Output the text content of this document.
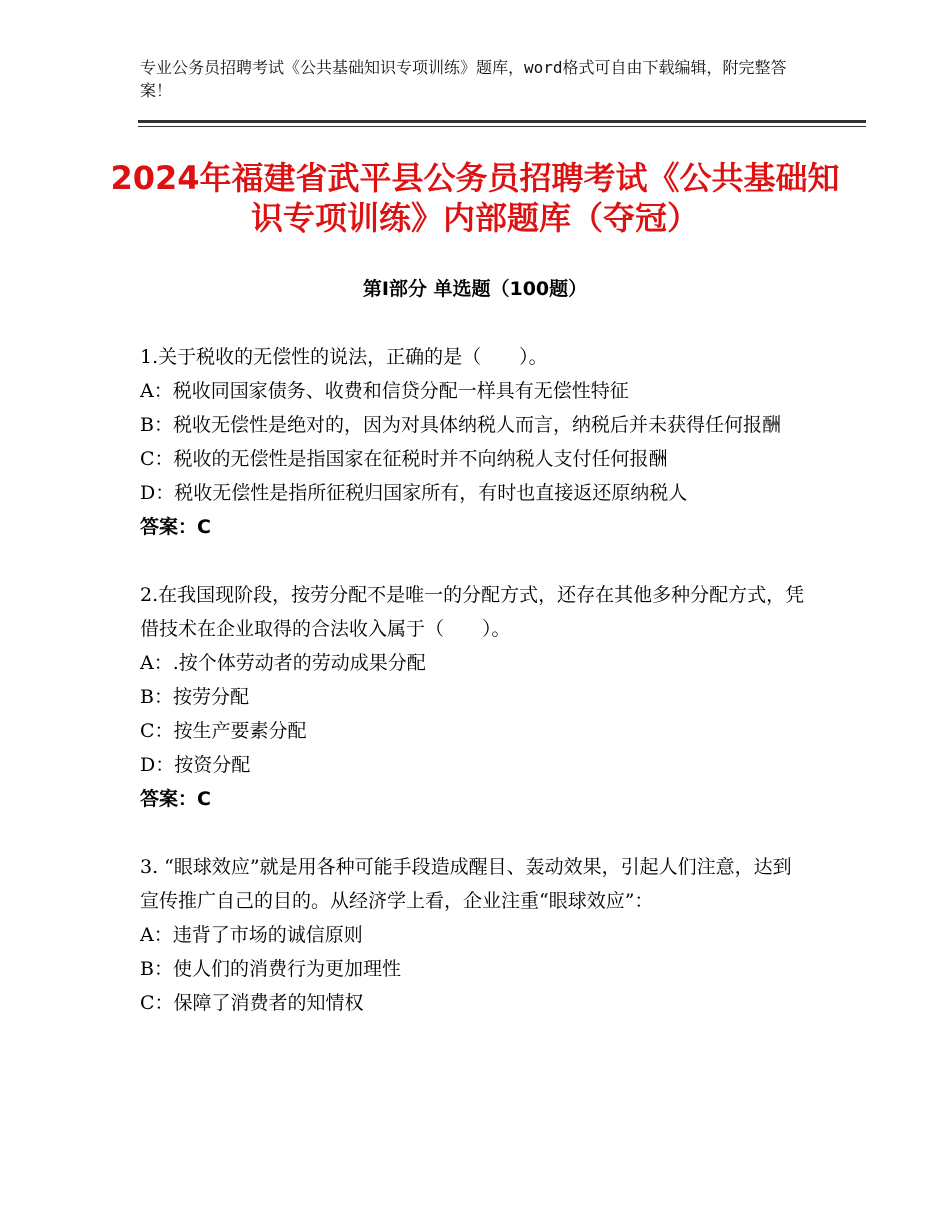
专业公务员招聘考试《公共基础知识专项训练》题库，word格式可自由下载编辑，附完整答案！
2024年福建省武平县公务员招聘考试《公共基础知识专项训练》内部题库（夺冠）
第Ⅰ部分 单选题（100题）

1.关于税收的无偿性的说法，正确的是（　　）。

A：税收同国家债务、收费和信贷分配一样具有无偿性特征

B：税收无偿性是绝对的，因为对具体纳税人而言，纳税后并未获得任何报酬

C：税收的无偿性是指国家在征税时并不向纳税人支付任何报酬

D：税收无偿性是指所征税归国家所有，有时也直接返还原纳税人

答案：C

2.在我国现阶段，按劳分配不是唯一的分配方式，还存在其他多种分配方式，凭借技术在企业取得的合法收入属于（　　）。

A：.按个体劳动者的劳动成果分配

B：按劳分配

C：按生产要素分配

D：按资分配

答案：C

3. “眼球效应”就是用各种可能手段造成醒目、轰动效果，引起人们注意，达到宣传推广自己的目的。从经济学上看，企业注重“眼球效应”：

A：违背了市场的诚信原则

B：使人们的消费行为更加理性

C：保障了消费者的知情权
